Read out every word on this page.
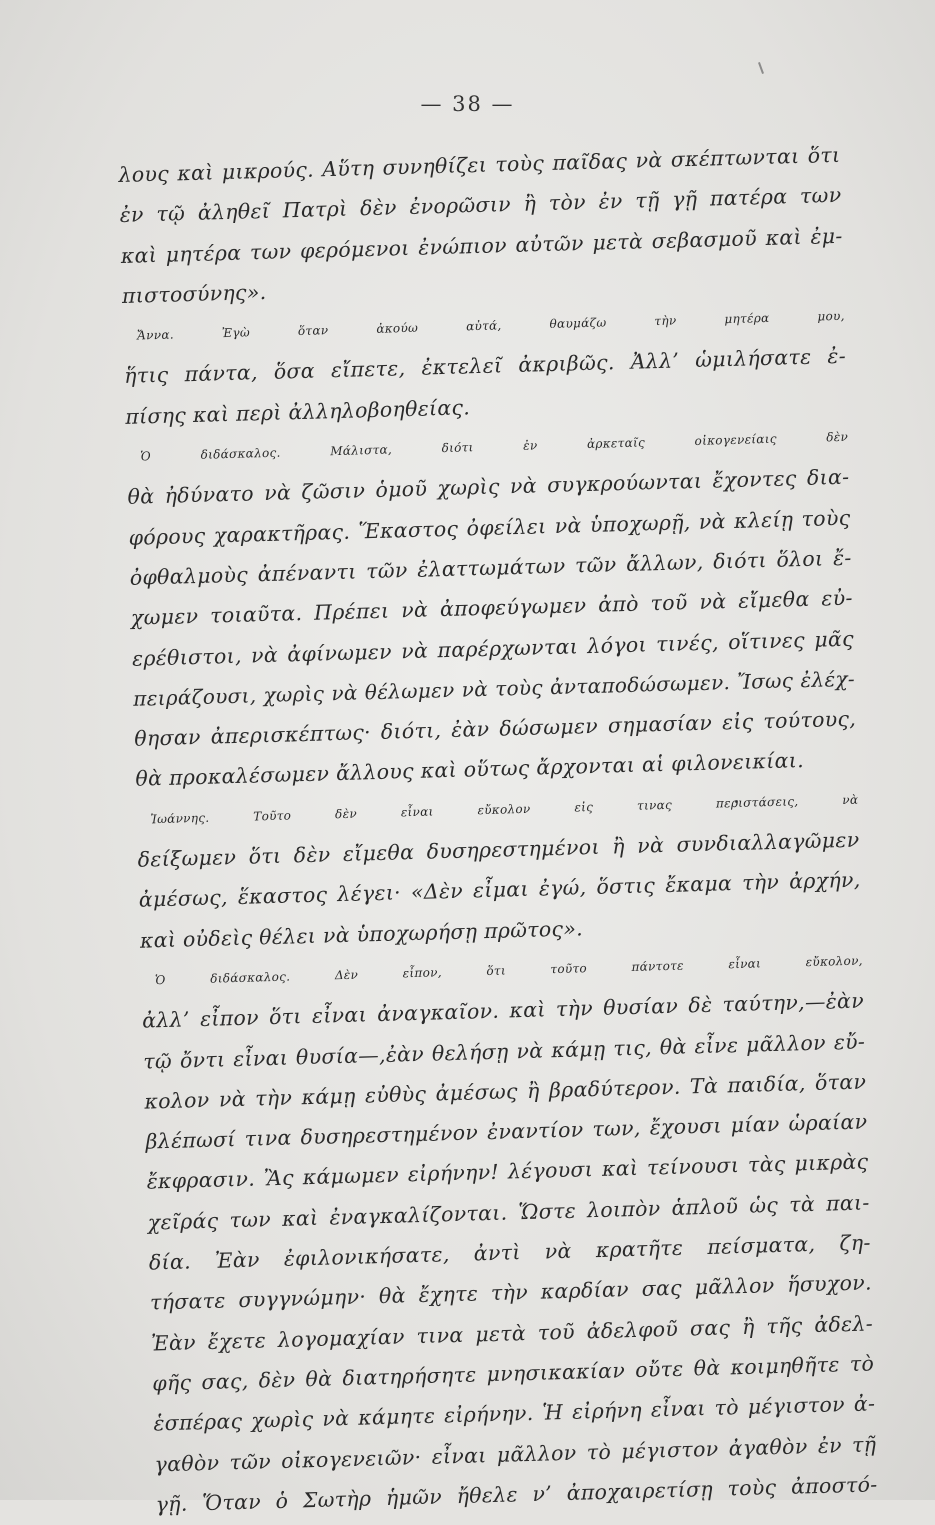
— 38 —
λους καὶ μικρούς. Αὕτη συνηθίζει τοὺς παῖδας νὰ σκέπτωνται ὅτι
ἐν τῷ ἀληθεῖ Πατρὶ δὲν ἐνορῶσιν ἢ τὸν ἐν τῇ γῇ πατέρα των
καὶ μητέρα των φερόμενοι ἐνώπιον αὐτῶν μετὰ σεβασμοῦ καὶ ἐμ-
πιστοσύνης».
Ἄννα. Ἐγὼ ὅταν ἀκούω αὐτά, θαυμάζω τὴν μητέρα μου,
ἥτις πάντα, ὅσα εἴπετε, ἐκτελεῖ ἀκριβῶς. Ἀλλ’ ὡμιλήσατε ἐ-
πίσης καὶ περὶ ἀλληλοβοηθείας.
Ὁ διδάσκαλος. Μάλιστα, διότι ἐν ἀρκεταῖς οἰκογενείαις δὲν
θὰ ἠδύνατο νὰ ζῶσιν ὁμοῦ χωρὶς νὰ συγκρούωνται ἔχοντες δια-
φόρους χαρακτῆρας. Ἕκαστος ὀφείλει νὰ ὑποχωρῇ, νὰ κλείῃ τοὺς
ὀφθαλμοὺς ἀπέναντι τῶν ἐλαττωμάτων τῶν ἄλλων, διότι ὅλοι ἔ-
χωμεν τοιαῦτα. Πρέπει νὰ ἀποφεύγωμεν ἀπὸ τοῦ νὰ εἴμεθα εὐ-
ερέθιστοι, νὰ ἀφίνωμεν νὰ παρέρχωνται λόγοι τινές, οἵτινες μᾶς
πειράζουσι, χωρὶς νὰ θέλωμεν νὰ τοὺς ἀνταποδώσωμεν. Ἴσως ἐλέχ-
θησαν ἀπερισκέπτως· διότι, ἐὰν δώσωμεν σημασίαν εἰς τούτους,
θὰ προκαλέσωμεν ἄλλους καὶ οὕτως ἄρχονται αἱ φιλονεικίαι.
Ἰωάννης. Τοῦτο δὲν εἶναι εὔκολον εἰς τινας περιστάσεις, νὰ
δείξωμεν ὅτι δὲν εἴμεθα δυσηρεστημένοι ἢ νὰ συνδιαλλαγῶμεν
ἀμέσως, ἕκαστος λέγει· «Δὲν εἶμαι ἐγώ, ὅστις ἔκαμα τὴν ἀρχήν,
καὶ οὐδεὶς θέλει νὰ ὑποχωρήσῃ πρῶτος».
Ὁ διδάσκαλος. Δὲν εἶπον, ὅτι τοῦτο πάντοτε εἶναι εὔκολον,
ἀλλ’ εἶπον ὅτι εἶναι ἀναγκαῖον. καὶ τὴν θυσίαν δὲ ταύτην,—ἐὰν
τῷ ὄντι εἶναι θυσία—,ἐὰν θελήσῃ νὰ κάμῃ τις, θὰ εἶνε μᾶλλον εὔ-
κολον νὰ τὴν κάμῃ εὐθὺς ἀμέσως ἢ βραδύτερον. Τὰ παιδία, ὅταν
βλέπωσί τινα δυσηρεστημένον ἐναντίον των, ἔχουσι μίαν ὡραίαν
ἔκφρασιν. Ἂς κάμωμεν εἰρήνην! λέγουσι καὶ τείνουσι τὰς μικρὰς
χεῖράς των καὶ ἐναγκαλίζονται. Ὥστε λοιπὸν ἁπλοῦ ὡς τὰ παι-
δία. Ἐὰν ἐφιλονικήσατε, ἀντὶ νὰ κρατῆτε πείσματα, ζη-
τήσατε συγγνώμην· θὰ ἔχητε τὴν καρδίαν σας μᾶλλον ἥσυχον.
Ἐὰν ἔχετε λογομαχίαν τινα μετὰ τοῦ ἀδελφοῦ σας ἢ τῆς ἀδελ-
φῆς σας, δὲν θὰ διατηρήσητε μνησικακίαν οὔτε θὰ κοιμηθῆτε τὸ
ἑσπέρας χωρὶς νὰ κάμητε εἰρήνην. Ἡ εἰρήνη εἶναι τὸ μέγιστον ἀ-
γαθὸν τῶν οἰκογενειῶν· εἶναι μᾶλλον τὸ μέγιστον ἀγαθὸν ἐν τῇ
γῇ. Ὅταν ὁ Σωτὴρ ἡμῶν ἤθελε ν’ ἀποχαιρετίσῃ τοὺς ἀποστό-
